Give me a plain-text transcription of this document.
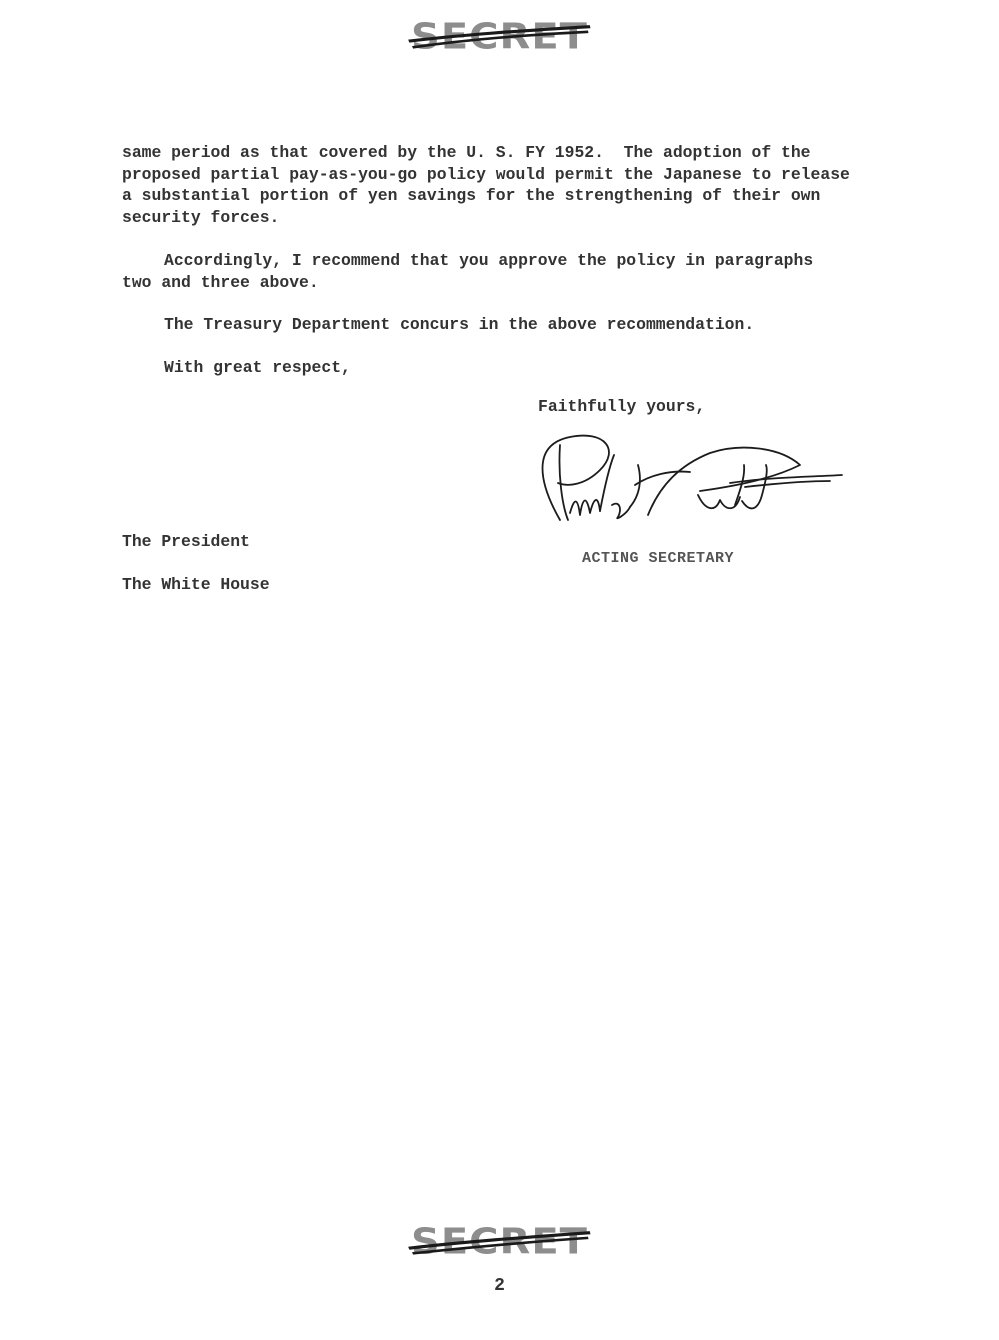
SECRET

same period as that covered by the U. S. FY 1952.  The adoption of the

proposed partial pay-as-you-go policy would permit the Japanese to release

a substantial portion of yen savings for the strengthening of their own

security forces.

Accordingly, I recommend that you approve the policy in paragraphs

two and three above.

The Treasury Department concurs in the above recommendation.

With great respect,

Faithfully yours,
ACTING SECRETARY
The President
The White House
SECRET
2
